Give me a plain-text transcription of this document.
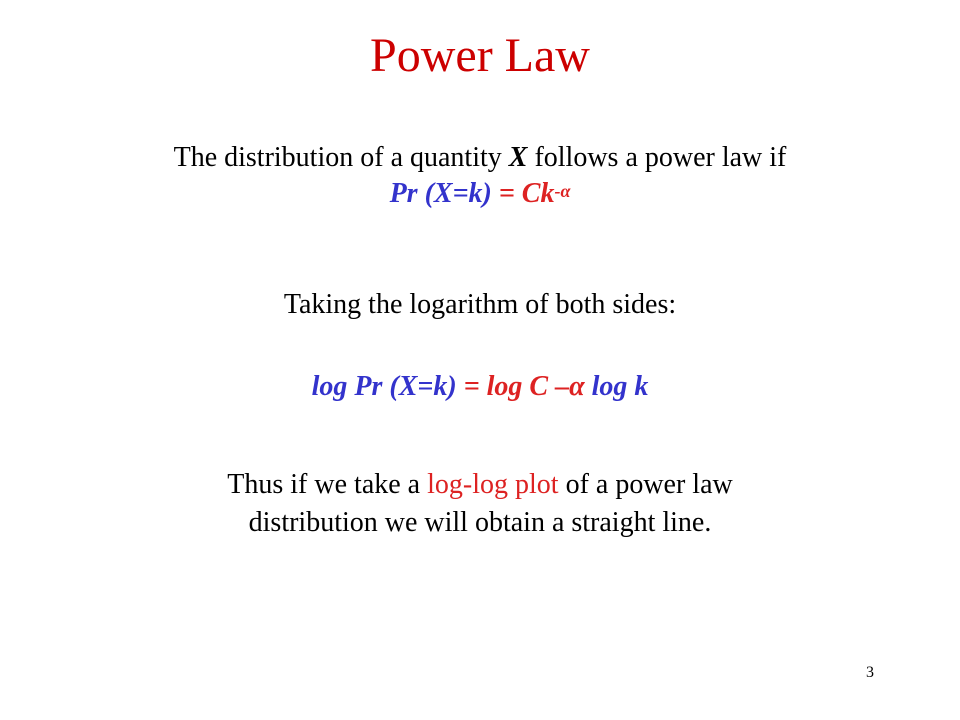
Power Law
The distribution of a quantity X follows a power law if
Pr $(X=k) = Ck^{-\alpha}$
Taking the logarithm of both sides:
log Pr (X=k) = log C –α log k
Thus if we take a log-log plot of a power law
distribution we will obtain a straight line.
3
